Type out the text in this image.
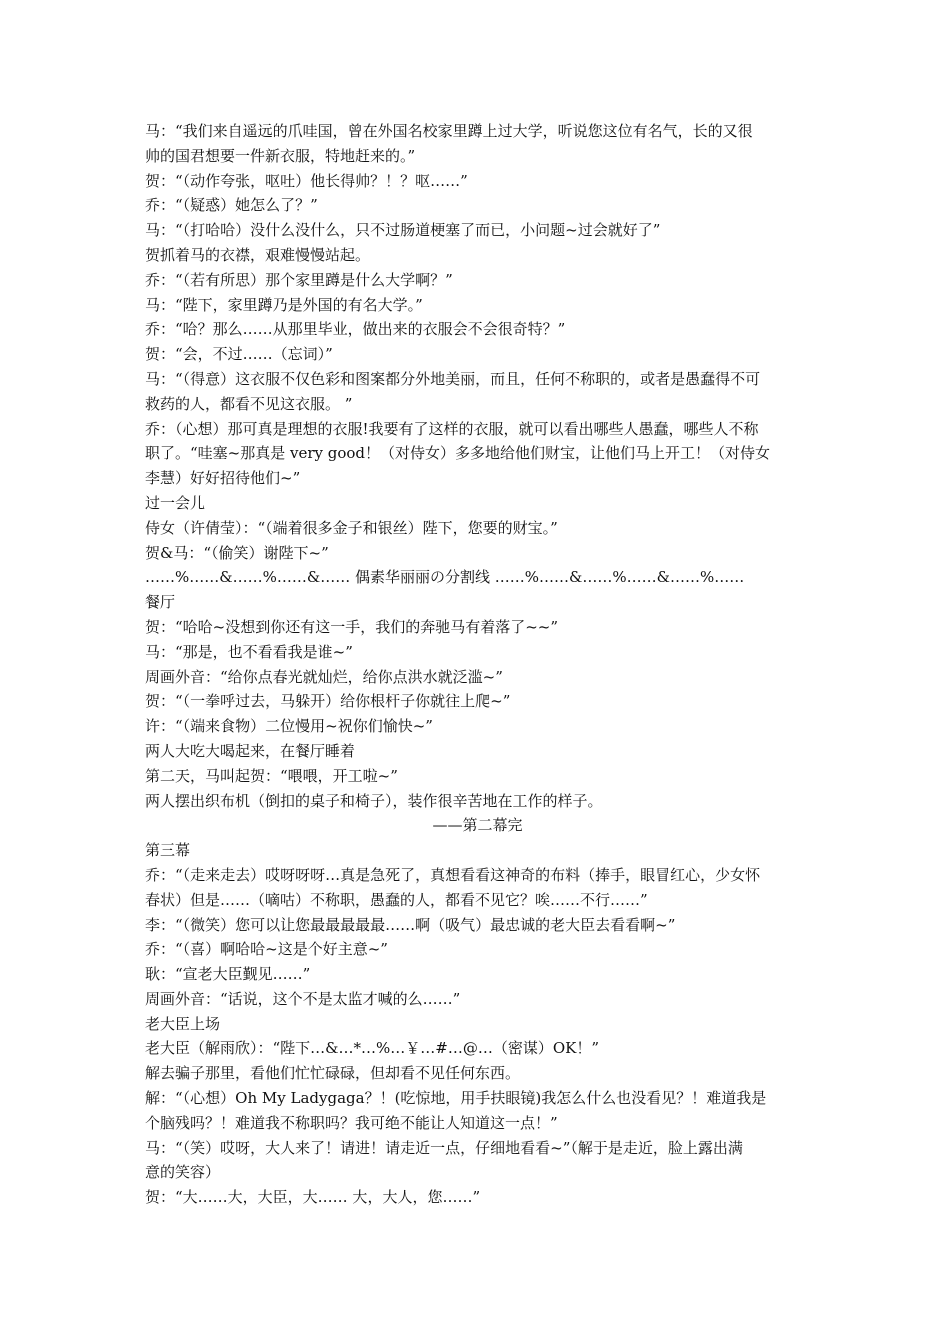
马：“我们来自遥远的爪哇国，曾在外国名校家里蹲上过大学，听说您这位有名气，长的又很
帅的国君想要一件新衣服，特地赶来的。”
贺：“（动作夸张，呕吐）他长得帅？！？呕……”
乔：“（疑惑）她怎么了？”
马：“（打哈哈）没什么没什么，只不过肠道梗塞了而已，小问题~过会就好了”
贺抓着马的衣襟，艰难慢慢站起。
乔：“（若有所思）那个家里蹲是什么大学啊？”
马：“陛下，家里蹲乃是外国的有名大学。”
乔：“哈？那么……从那里毕业，做出来的衣服会不会很奇特？”
贺：“会，不过……（忘词）”
马：“（得意）这衣服不仅色彩和图案都分外地美丽，而且，任何不称职的，或者是愚蠢得不可
救药的人，都看不见这衣服。 ”
乔：（心想）那可真是理想的衣服!我要有了这样的衣服，就可以看出哪些人愚蠢，哪些人不称
职了。“哇塞~那真是 very good！（对侍女）多多地给他们财宝，让他们马上开工！（对侍女
李慧）好好招待他们~”
过一会儿
侍女（许倩莹）：“（端着很多金子和银丝）陛下，您要的财宝。”
贺&马：“（偷笑）谢陛下~”
……%……&……%……&…… 偶素华丽丽の分割线 ……%……&……%……&……%……
餐厅
贺：“哈哈~没想到你还有这一手，我们的奔驰马有着落了~~”
马：“那是，也不看看我是谁~”
周画外音：“给你点春光就灿烂，给你点洪水就泛滥~”
贺：“（一拳呼过去，马躲开）给你根杆子你就往上爬~”
许：“（端来食物）二位慢用~祝你们愉快~”
两人大吃大喝起来，在餐厅睡着
第二天，马叫起贺：“喂喂，开工啦~”
两人摆出织布机（倒扣的桌子和椅子），装作很辛苦地在工作的样子。
——第二幕完
第三幕
乔：“（走来走去）哎呀呀呀…真是急死了，真想看看这神奇的布料（捧手，眼冒红心，少女怀
春状）但是……（嘀咕）不称职，愚蠢的人，都看不见它？唉……不行……”
李：“（微笑）您可以让您最最最最最……啊（吸气）最忠诚的老大臣去看看啊~”
乔：“（喜）啊哈哈~这是个好主意~”
耿：“宣老大臣觐见……”
周画外音：“话说，这个不是太监才喊的么……”
老大臣上场
老大臣（解雨欣）：“陛下…&…*…%…￥…#…@…（密谋）OK！”
解去骗子那里，看他们忙忙碌碌，但却看不见任何东西。
解：“（心想）Oh My Ladygaga？！(吃惊地，用手扶眼镜)我怎么什么也没看见？！难道我是
个脑残吗？！难道我不称职吗？我可绝不能让人知道这一点！”
马：“（笑）哎呀，大人来了！请进！请走近一点，仔细地看看~”（解于是走近，脸上露出满
意的笑容）
贺：“大……大，大臣，大…… 大，大人，您……”
